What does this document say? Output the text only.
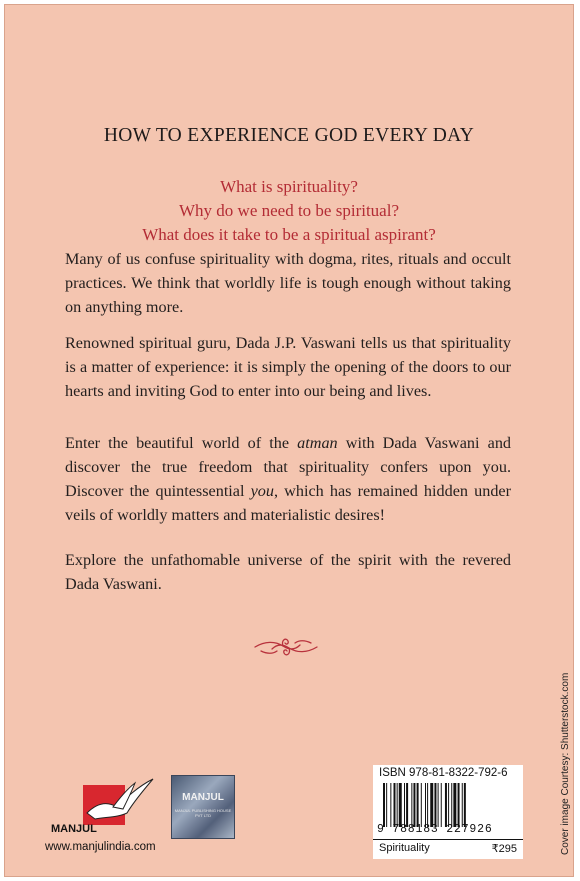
HOW TO EXPERIENCE GOD EVERY DAY
What is spirituality?
Why do we need to be spiritual?
What does it take to be a spiritual aspirant?

Many of us confuse spirituality with dogma, rites, rituals and occult practices. We think that worldly life is tough enough without taking on anything more.

Renowned spiritual guru, Dada J.P. Vaswani tells us that spirituality is a matter of experience: it is simply the opening of the doors to our hearts and inviting God to enter into our being and lives.

Enter the beautiful world of the atman with Dada Vaswani and discover the true freedom that spirituality confers upon you. Discover the quintessential you, which has remained hidden under veils of worldly matters and materialistic desires!

Explore the unfathomable universe of the spirit with the revered Dada Vaswani.

Cover image Courtesy: Shutterstock.com
MANJUL
www.manjulindia.com
MANJUL
MANJUL PUBLISHING HOUSE PVT LTD
ISBN 978-81-8322-792-6
9 788183 227926
Spirituality	₹295
